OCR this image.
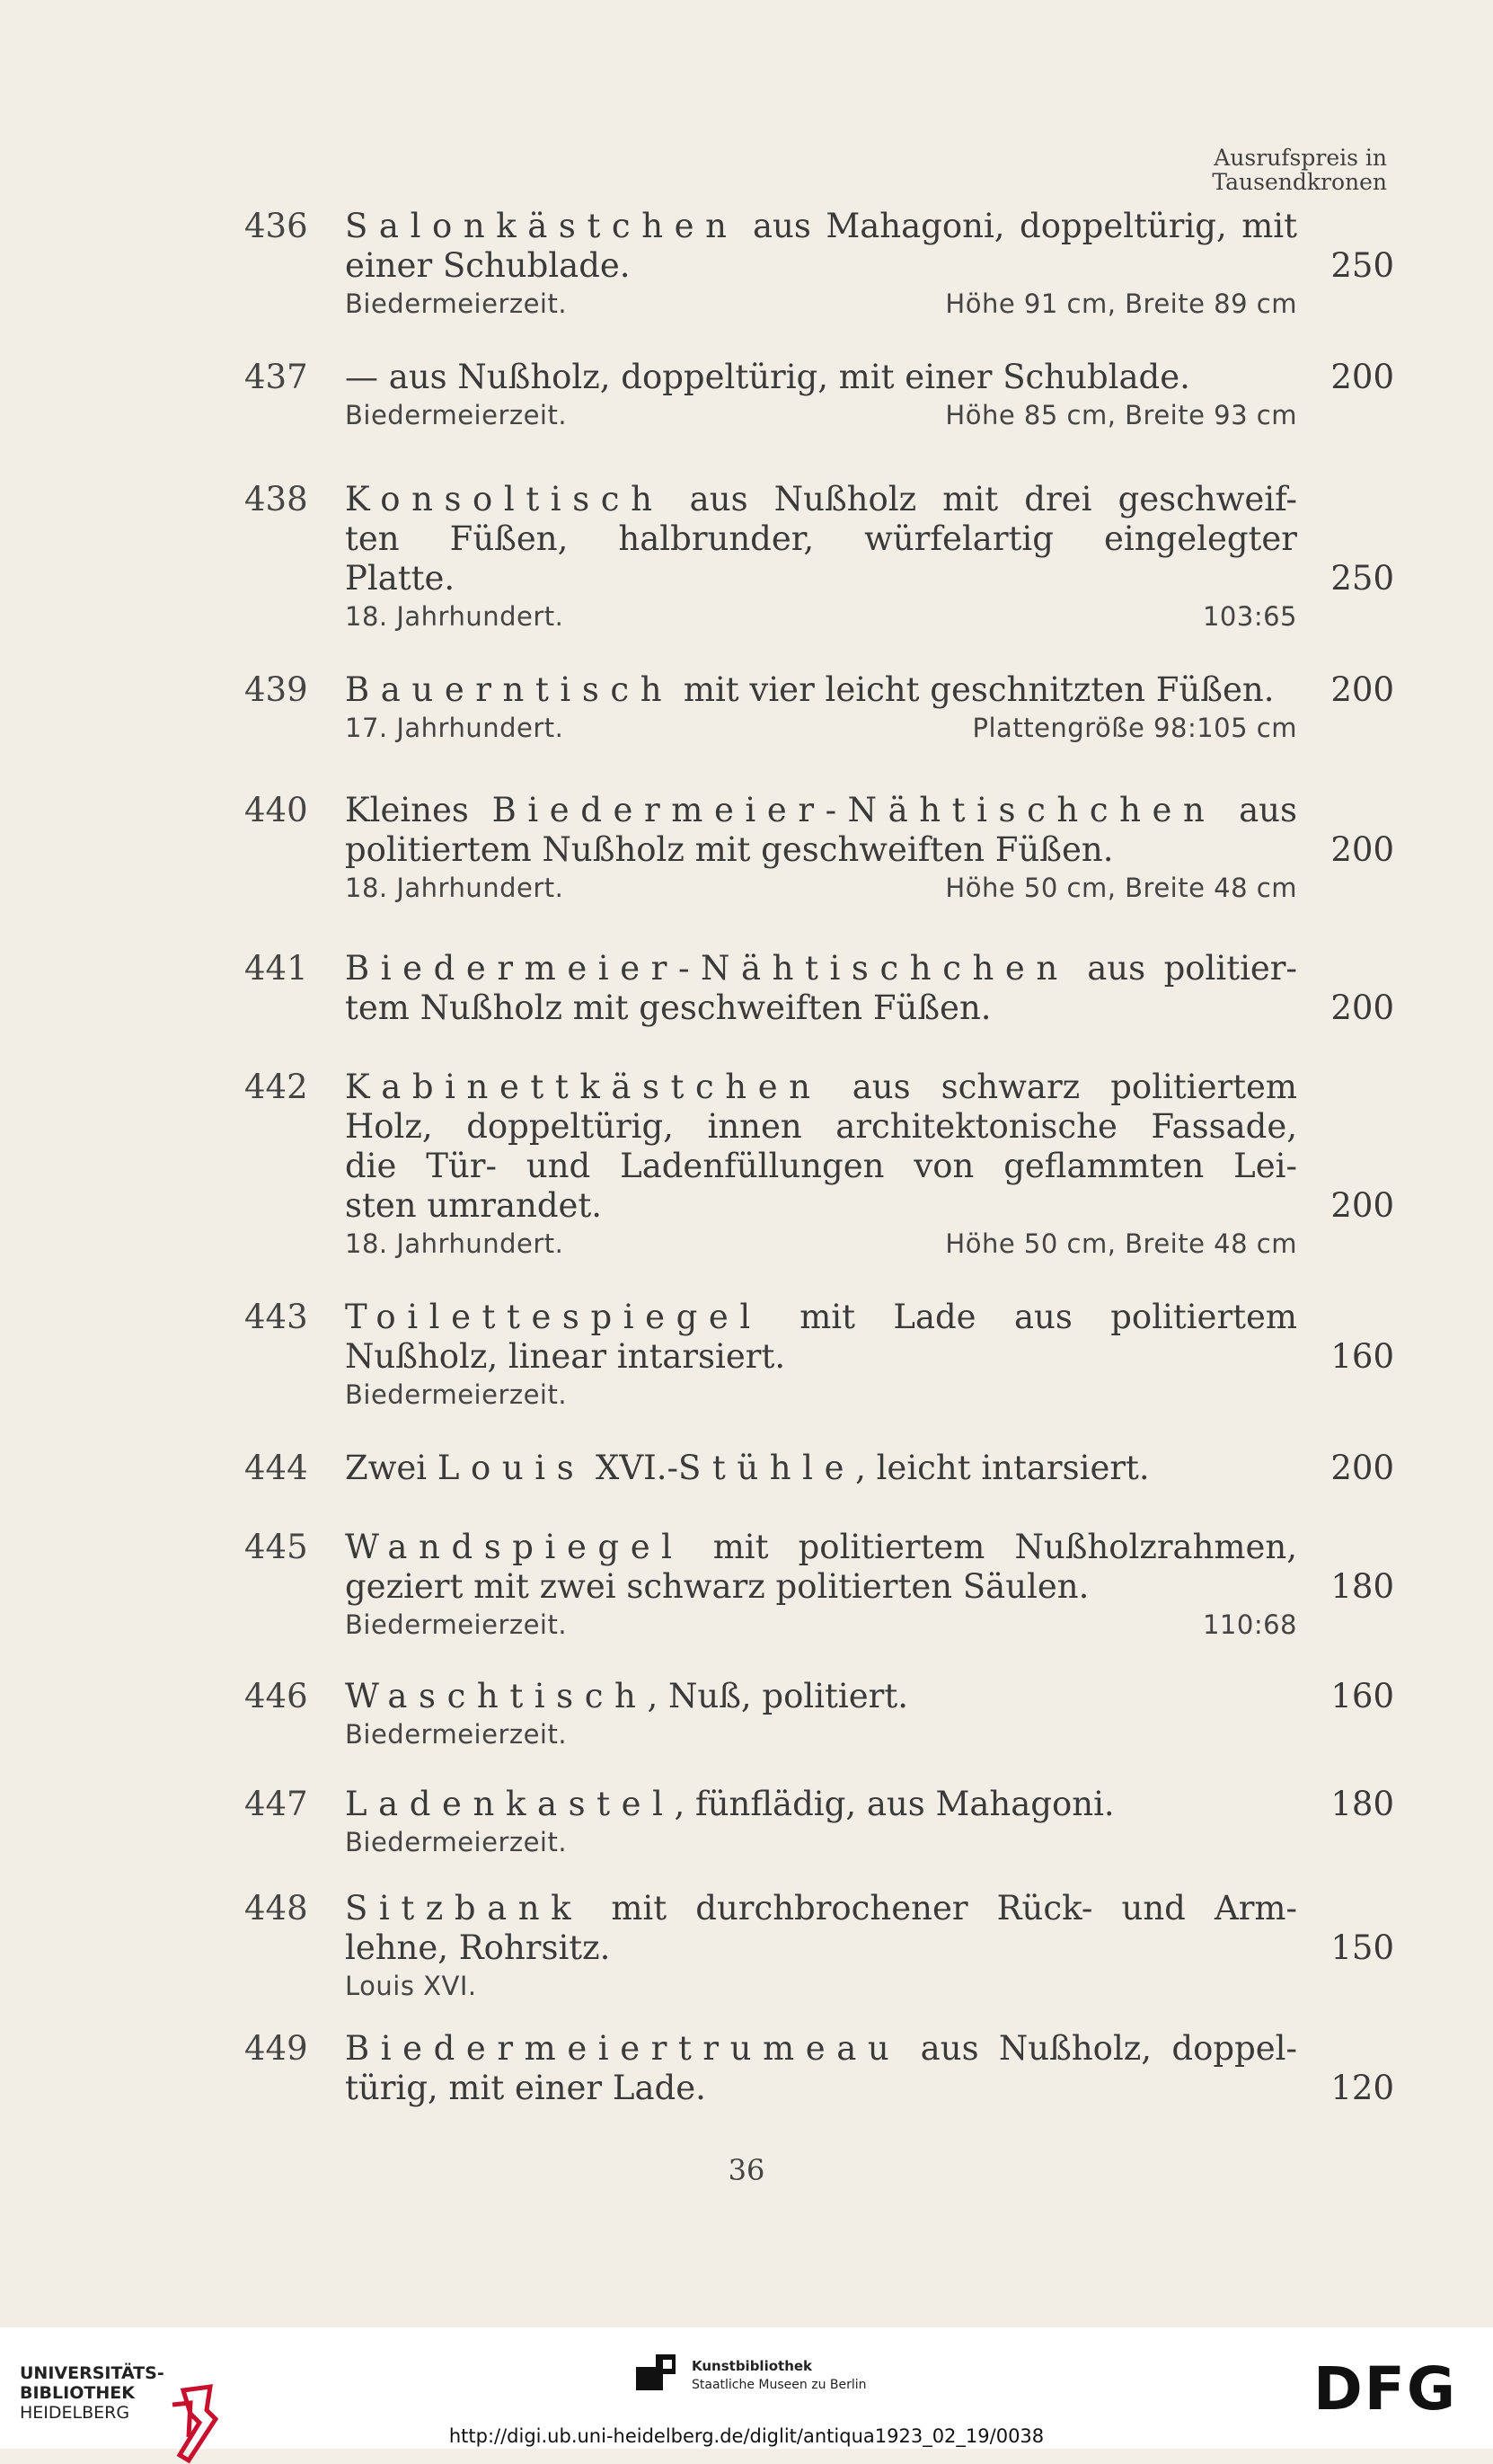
Ausrufspreis in
Tausendkronen
436	Salonkästchen aus Mahagoni, doppeltürig, mit
einer Schublade.
Biedermeierzeit.	Höhe 91 cm, Breite 89 cm
250
437	— aus Nußholz, doppeltürig, mit einer Schublade.
Biedermeierzeit.	Höhe 85 cm, Breite 93 cm
200
438	Konsoltisch aus Nußholz mit drei geschweif-
ten Füßen, halbrunder, würfelartig eingelegter
Platte.
18. Jahrhundert.	103:65
250
439	Bauerntisch mit vier leicht geschnitzten Füßen.
17. Jahrhundert.	Plattengröße 98:105 cm
200
440	Kleines Biedermeier-Nähtischchen aus
politiertem Nußholz mit geschweiften Füßen.
18. Jahrhundert.	Höhe 50 cm, Breite 48 cm
200
441	Biedermeier-Nähtischchen aus politier-
tem Nußholz mit geschweiften Füßen.	200
442	Kabinettkästchen aus schwarz politiertem
Holz, doppeltürig, innen architektonische Fassade,
die Tür- und Ladenfüllungen von geflammten Lei-
sten umrandet.
18. Jahrhundert.	Höhe 50 cm, Breite 48 cm
200
443	Toilettespiegel mit Lade aus politiertem
Nußholz, linear intarsiert.
Biedermeierzeit.
160
444	Zwei Louis XVI.-Stühle, leicht intarsiert.	200
445	Wandspiegel mit politiertem Nußholzrahmen,
geziert mit zwei schwarz politierten Säulen.
Biedermeierzeit.	110:68
180
446	Waschtisch, Nuß, politiert.
Biedermeierzeit.
160
447	Ladenkastel, fünflädig, aus Mahagoni.
Biedermeierzeit.
180
448	Sitzbank mit durchbrochener Rück- und Arm-
lehne, Rohrsitz.
Louis XVI.
150
449	Biedermeiertrumeau aus Nußholz, doppel-
türig, mit einer Lade.	120
36
UNIVERSITÄTS-
BIBLIOTHEK
HEIDELBERG
Kunstbibliothek
Staatliche Museen zu Berlin	DFG
http://digi.ub.uni-heidelberg.de/diglit/antiqua1923_02_19/0038
